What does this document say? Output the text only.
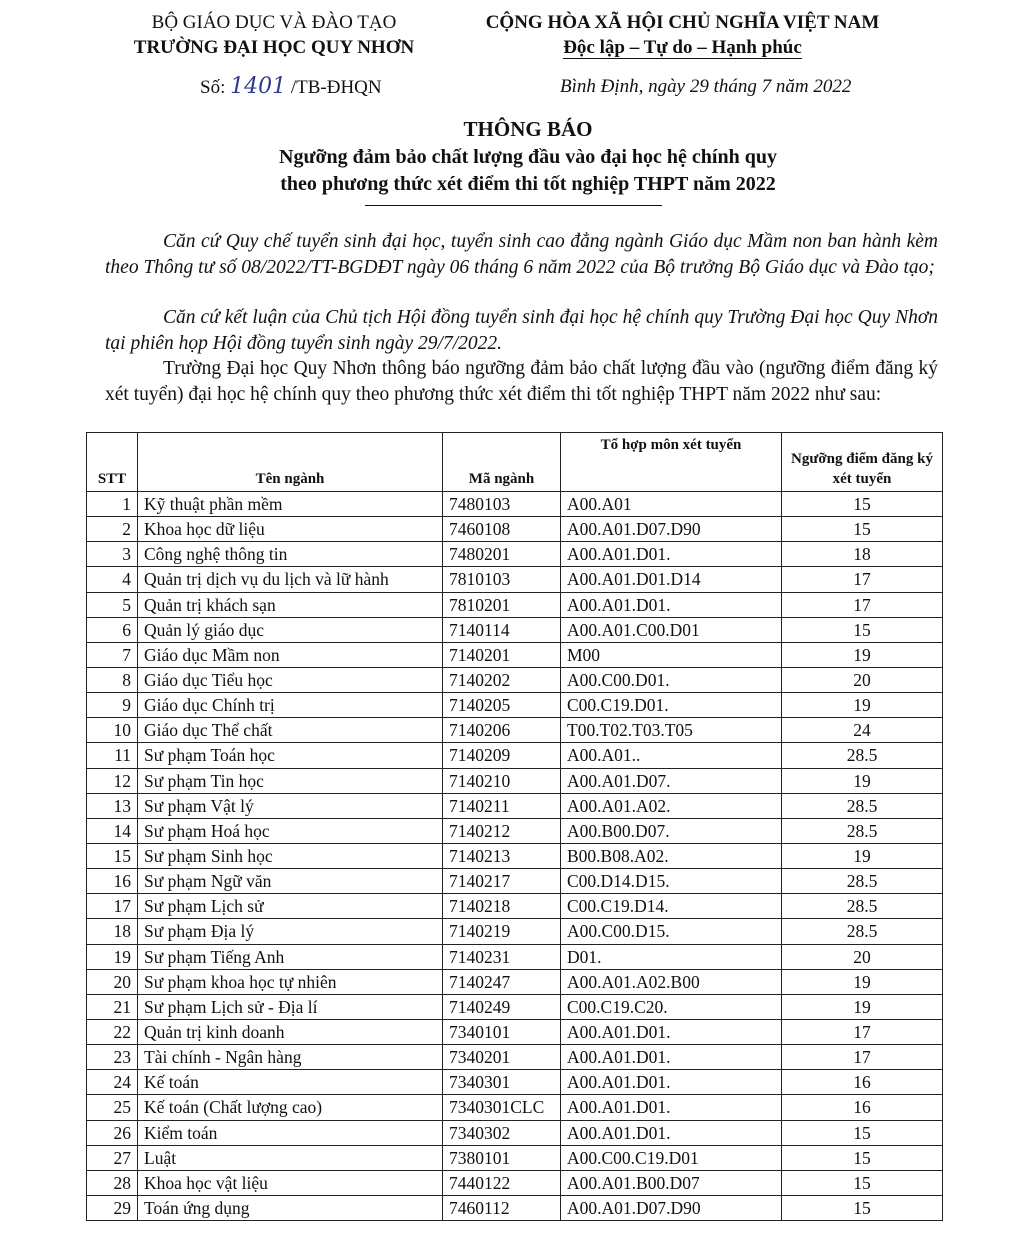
BỘ GIÁO DỤC VÀ ĐÀO TẠO
TRƯỜNG ĐẠI HỌC QUY NHƠN
CỘNG HÒA XÃ HỘI CHỦ NGHĨA VIỆT NAM
Độc lập – Tự do – Hạnh phúc
Số: 1401 /TB-ĐHQN	Bình Định, ngày 29 tháng 7 năm 2022
THÔNG BÁO
Ngưỡng đảm bảo chất lượng đầu vào đại học hệ chính quy
theo phương thức xét điểm thi tốt nghiệp THPT năm 2022
Căn cứ Quy chế tuyển sinh đại học, tuyển sinh cao đẳng ngành Giáo dục Mầm non ban hành kèm theo Thông tư số 08/2022/TT-BGDĐT ngày 06 tháng 6 năm 2022 của Bộ trưởng Bộ Giáo dục và Đào tạo;
Căn cứ kết luận của Chủ tịch Hội đồng tuyển sinh đại học hệ chính quy Trường Đại học Quy Nhơn tại phiên họp Hội đồng tuyển sinh ngày 29/7/2022.
Trường Đại học Quy Nhơn thông báo ngưỡng đảm bảo chất lượng đầu vào (ngưỡng điểm đăng ký xét tuyển) đại học hệ chính quy theo phương thức xét điểm thi tốt nghiệp THPT năm 2022 như sau:
STT	Tên ngành	Mã ngành	Tổ hợp môn xét tuyển	Ngưỡng điểm đăng ký xét tuyển
1	Kỹ thuật phần mềm	7480103	A00.A01	15
2	Khoa học dữ liệu	7460108	A00.A01.D07.D90	15
3	Công nghệ thông tin	7480201	A00.A01.D01.	18
4	Quản trị dịch vụ du lịch và lữ hành	7810103	A00.A01.D01.D14	17
5	Quản trị khách sạn	7810201	A00.A01.D01.	17
6	Quản lý giáo dục	7140114	A00.A01.C00.D01	15
7	Giáo dục Mầm non	7140201	M00	19
8	Giáo dục Tiểu học	7140202	A00.C00.D01.	20
9	Giáo dục Chính trị	7140205	C00.C19.D01.	19
10	Giáo dục Thể chất	7140206	T00.T02.T03.T05	24
11	Sư phạm Toán học	7140209	A00.A01..	28.5
12	Sư phạm Tin học	7140210	A00.A01.D07.	19
13	Sư phạm Vật lý	7140211	A00.A01.A02.	28.5
14	Sư phạm Hoá học	7140212	A00.B00.D07.	28.5
15	Sư phạm Sinh học	7140213	B00.B08.A02.	19
16	Sư phạm Ngữ văn	7140217	C00.D14.D15.	28.5
17	Sư phạm Lịch sử	7140218	C00.C19.D14.	28.5
18	Sư phạm Địa lý	7140219	A00.C00.D15.	28.5
19	Sư phạm Tiếng Anh	7140231	D01.	20
20	Sư phạm khoa học tự nhiên	7140247	A00.A01.A02.B00	19
21	Sư phạm Lịch sử - Địa lí	7140249	C00.C19.C20.	19
22	Quản trị kinh doanh	7340101	A00.A01.D01.	17
23	Tài chính - Ngân hàng	7340201	A00.A01.D01.	17
24	Kế toán	7340301	A00.A01.D01.	16
25	Kế toán (Chất lượng cao)	7340301CLC	A00.A01.D01.	16
26	Kiểm toán	7340302	A00.A01.D01.	15
27	Luật	7380101	A00.C00.C19.D01	15
28	Khoa học vật liệu	7440122	A00.A01.B00.D07	15
29	Toán ứng dụng	7460112	A00.A01.D07.D90	15
